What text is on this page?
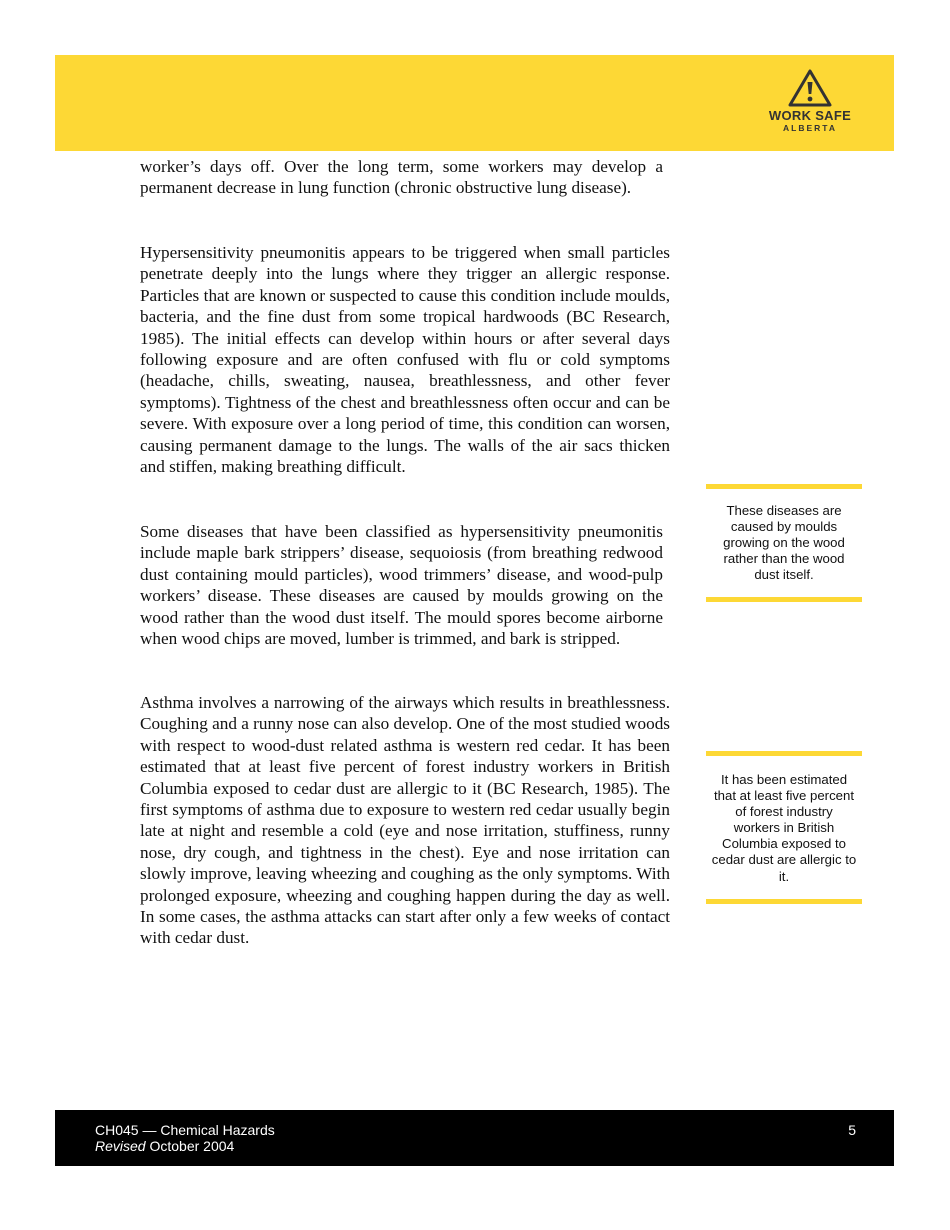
WORK SAFE
ALBERTA

worker’s days off. Over the long term, some workers may develop a permanent decrease in lung function (chronic obstructive lung disease).

Hypersensitivity pneumonitis appears to be triggered when small particles penetrate deeply into the lungs where they trigger an allergic response. Particles that are known or suspected to cause this condition include moulds, bacteria, and the fine dust from some tropical hardwoods (BC Research, 1985). The initial effects can develop within hours or after several days following exposure and are often confused with flu or cold symptoms (headache, chills, sweating, nausea, breathlessness, and other fever symptoms). Tightness of the chest and breathlessness often occur and can be severe. With exposure over a long period of time, this condition can worsen, causing permanent damage to the lungs. The walls of the air sacs thicken and stiffen, making breathing difficult.

Some diseases that have been classified as hypersensitivity pneumonitis include maple bark strippers’ disease, sequoiosis (from breathing redwood dust containing mould particles), wood trimmers’ disease, and wood-pulp workers’ disease. These diseases are caused by moulds growing on the wood rather than the wood dust itself. The mould spores become airborne when wood chips are moved, lumber is trimmed, and bark is stripped.

Asthma involves a narrowing of the airways which results in breathlessness. Coughing and a runny nose can also develop. One of the most studied woods with respect to wood-dust related asthma is western red cedar. It has been estimated that at least five percent of forest industry workers in British Columbia exposed to cedar dust are allergic to it (BC Research, 1985). The first symptoms of asthma due to exposure to western red cedar usually begin late at night and resemble a cold (eye and nose irritation, stuffiness, runny nose, dry cough, and tightness in the chest). Eye and nose irritation can slowly improve, leaving wheezing and coughing as the only symptoms. With prolonged exposure, wheezing and coughing happen during the day as well. In some cases, the asthma attacks can start after only a few weeks of contact with cedar dust.

These diseases are caused by moulds growing on the wood rather than the wood dust itself.

It has been estimated that at least five percent of forest industry workers in British Columbia exposed to cedar dust are allergic to it.

CH045 — Chemical Hazards
Revised October 2004
5
